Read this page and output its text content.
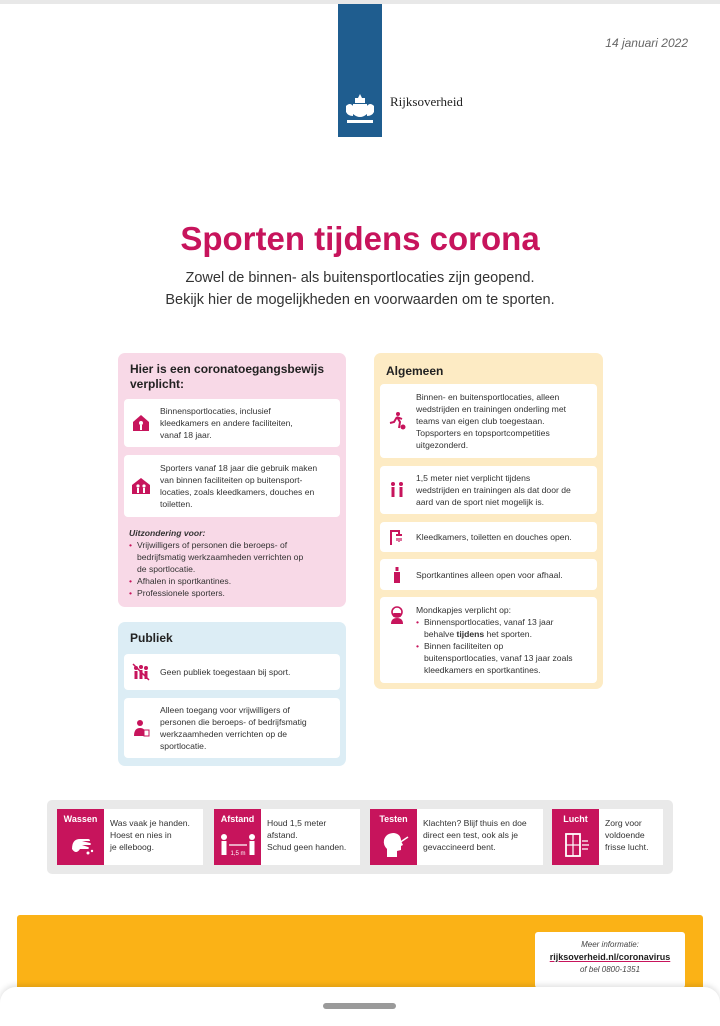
Rijksoverheid
14 januari 2022
Sporten tijdens corona
Zowel de binnen- als buitensportlocaties zijn geopend.
Bekijk hier de mogelijkheden en voorwaarden om te sporten.
Hier is een coronatoegangsbewijs
verplicht:
Binnensportlocaties, inclusief
kleedkamers en andere faciliteiten,
vanaf 18 jaar.
Sporters vanaf 18 jaar die gebruik maken
van binnen faciliteiten op buitensport-
locaties, zoals kleedkamers, douches en
toiletten.
Uitzondering voor:
• Vrijwilligers of personen die beroeps- of
bedrijfsmatig werkzaamheden verrichten op
de sportlocatie.
• Afhalen in sportkantines.
• Professionele sporters.
Publiek
Geen publiek toegestaan bij sport.
Alleen toegang voor vrijwilligers of
personen die beroeps- of bedrijfsmatig
werkzaamheden verrichten op de
sportlocatie.
Algemeen
Binnen- en buitensportlocaties, alleen
wedstrijden en trainingen onderling met
teams van eigen club toegestaan.
Topsporters en topsportcompetities
uitgezonderd.
1,5 meter niet verplicht tijdens
wedstrijden en trainingen als dat door de
aard van de sport niet mogelijk is.
Kleedkamers, toiletten en douches open.
Sportkantines alleen open voor afhaal.
Mondkapjes verplicht op:
• Binnensportlocaties, vanaf 13 jaar
behalve tijdens het sporten.
• Binnen faciliteiten op
buitensportlocaties, vanaf 13 jaar zoals
kleedkamers en sportkantines.
Wassen	Was vaak je handen.
Hoest en nies in
je elleboog.
Afstand
1,5 m
Houd 1,5 meter
afstand.
Schud geen handen.
Testen	Klachten? Blijf thuis en doe
direct een test, ook als je
gevaccineerd bent.
Lucht	Zorg voor
voldoende
frisse lucht.
Meer informatie:
rijksoverheid.nl/coronavirus
of bel 0800-1351
